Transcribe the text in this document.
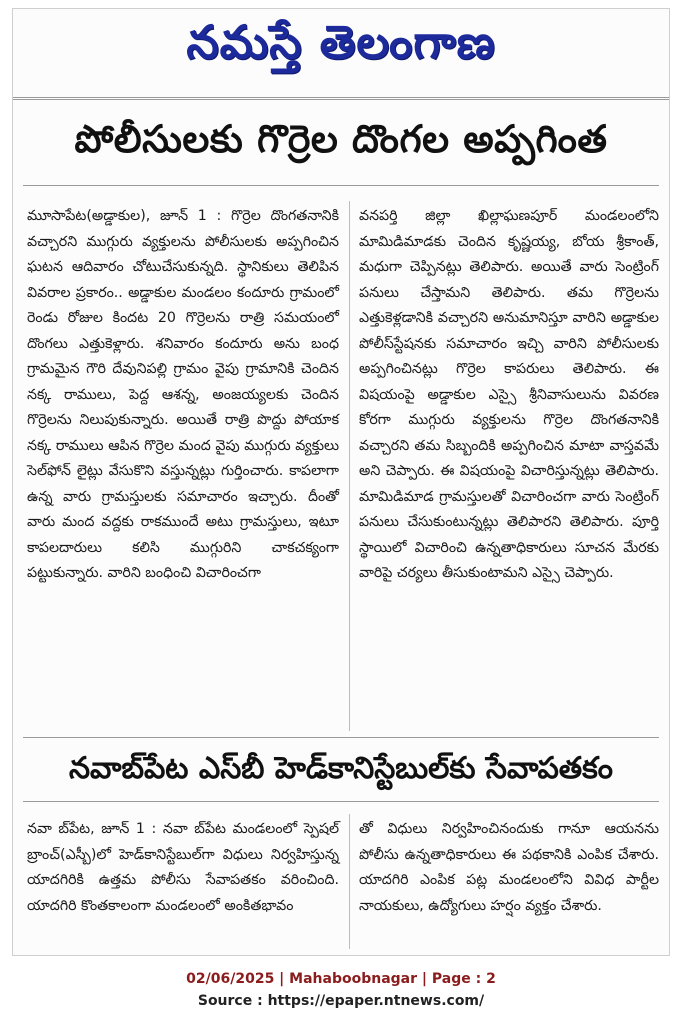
నమస్తే తెలంగాణ
పోలీసులకు గొర్రెల దొంగల అప్పగింత

మూసాపేట(అడ్డాకుల), జూన్ 1 : గొర్రెల దొంగతనానికి వచ్చారని ముగ్గురు వ్యక్తులను పోలీసులకు అప్పగించిన ఘటన ఆదివారం చోటుచేసుకున్నది. స్థానికులు తెలిపిన వివరాల ప్రకారం.. అడ్డాకుల మండలం కందూరు గ్రామంలో రెండు రోజుల కిందట 20 గొర్రెలను రాత్రి సమయంలో దొంగలు ఎత్తుకెళ్లారు. శనివారం కందూరు అను బంధ గ్రామమైన గౌరి దేవునిపల్లి గ్రామం వైపు గ్రామానికి చెందిన నక్క రాములు, పెద్ద ఆశన్న, అంజయ్యలకు చెందిన గొర్రెలను నిలుపుకున్నారు. అయితే రాత్రి పొద్దు పోయాక నక్క రాములు ఆపిన గొర్రెల మంద వైపు ముగ్గురు వ్యక్తులు సెల్‌ఫోన్ లైట్లు వేసుకొని వస్తున్నట్లు గుర్తించారు. కాపలాగా ఉన్న వారు గ్రామస్తులకు సమాచారం ఇచ్చారు. దీంతో వారు మంద వద్దకు రాకముందే అటు గ్రామస్తులు, ఇటూ కాపలదారులు కలిసి ముగ్గురిని చాకచక్యంగా పట్టుకున్నారు. వారిని బంధించి విచారించగా

వనపర్తి జిల్లా ఖిల్లాఘణపూర్ మండలంలోని మామిడిమాడకు చెందిన కృష్ణయ్య, బోయ శ్రీకాంత్, మధుగా చెప్పినట్లు తెలిపారు. అయితే వారు సెంట్రింగ్ పనులు చేస్తామని తెలిపారు. తమ గొర్రెలను ఎత్తుకెళ్లడానికి వచ్చారని అనుమానిస్తూ వారిని అడ్డాకుల పోలీస్‌స్టేషనకు సమాచారం ఇచ్చి వారిని పోలీసులకు అప్పగించినట్లు గొర్రెల కాపరులు తెలిపారు. ఈ విషయంపై అడ్డాకుల ఎస్సై శ్రీనివాసులును వివరణ కోరగా ముగ్గురు వ్యక్తులను గొర్రెల దొంగతనానికి వచ్చారని తమ సిబ్బందికి అప్పగించిన మాటా వాస్తవమే అని చెప్పారు. ఈ విషయంపై విచారిస్తున్నట్లు తెలిపారు. మామిడిమాడ గ్రామస్తులతో విచారించగా వారు సెంట్రింగ్ పనులు చేసుకుంటున్నట్లు తెలిపారని తెలిపారు. పూర్తి స్థాయిలో విచారించి ఉన్నతాధికారులు సూచన మేరకు వారిపై చర్యలు తీసుకుంటామని ఎస్సై చెప్పారు.

నవాబ్‌పేట ఎస్‌బీ హెడ్‌కానిస్టేబుల్‌కు సేవాపతకం

నవా బ్‌పేట, జూన్ 1 : నవా బ్‌పేట మండలంలో స్పెషల్ బ్రాంచ్(ఎస్బీ)లో హెడ్‌కానిస్టేబుల్‌గా విధులు నిర్వహిస్తున్న యాదగిరికి ఉత్తమ పోలీసు సేవాపతకం వరించింది. యాదగిరి కొంతకాలంగా మండలంలో అంకితభావం

తో విధులు నిర్వహించినందుకు గానూ ఆయనను పోలీసు ఉన్నతాధికారులు ఈ పథకానికి ఎంపిక చేశారు. యాదగిరి ఎంపిక పట్ల మండలంలోని వివిధ పార్టీల నాయకులు, ఉద్యోగులు హర్షం వ్యక్తం చేశారు.

02/06/2025 | Mahaboobnagar | Page : 2
Source : https://epaper.ntnews.com/
